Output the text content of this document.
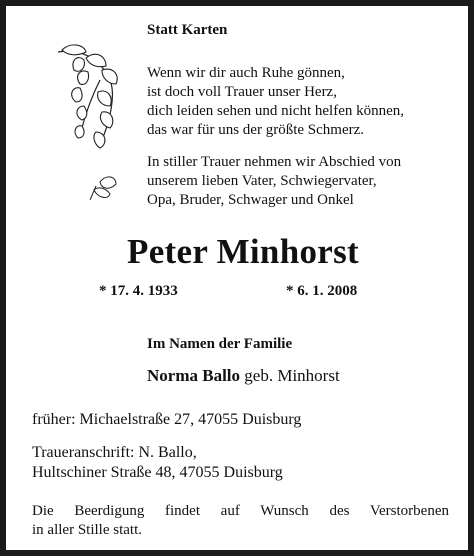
Statt Karten
Wenn wir dir auch Ruhe gönnen,
ist doch voll Trauer unser Herz,
dich leiden sehen und nicht helfen können,
das war für uns der größte Schmerz.
In stiller Trauer nehmen wir Abschied von
unserem lieben Vater, Schwiegervater,
Opa, Bruder, Schwager und Onkel
Peter Minhorst
* 17. 4. 1933	* 6. 1. 2008
Im Namen der Familie
Norma Ballo geb. Minhorst
früher: Michaelstraße 27, 47055 Duisburg
Traueranschrift: N. Ballo,
Hultschiner Straße 48, 47055 Duisburg
Die Beerdigung findet auf Wunsch des Verstorbenen
in aller Stille statt.
